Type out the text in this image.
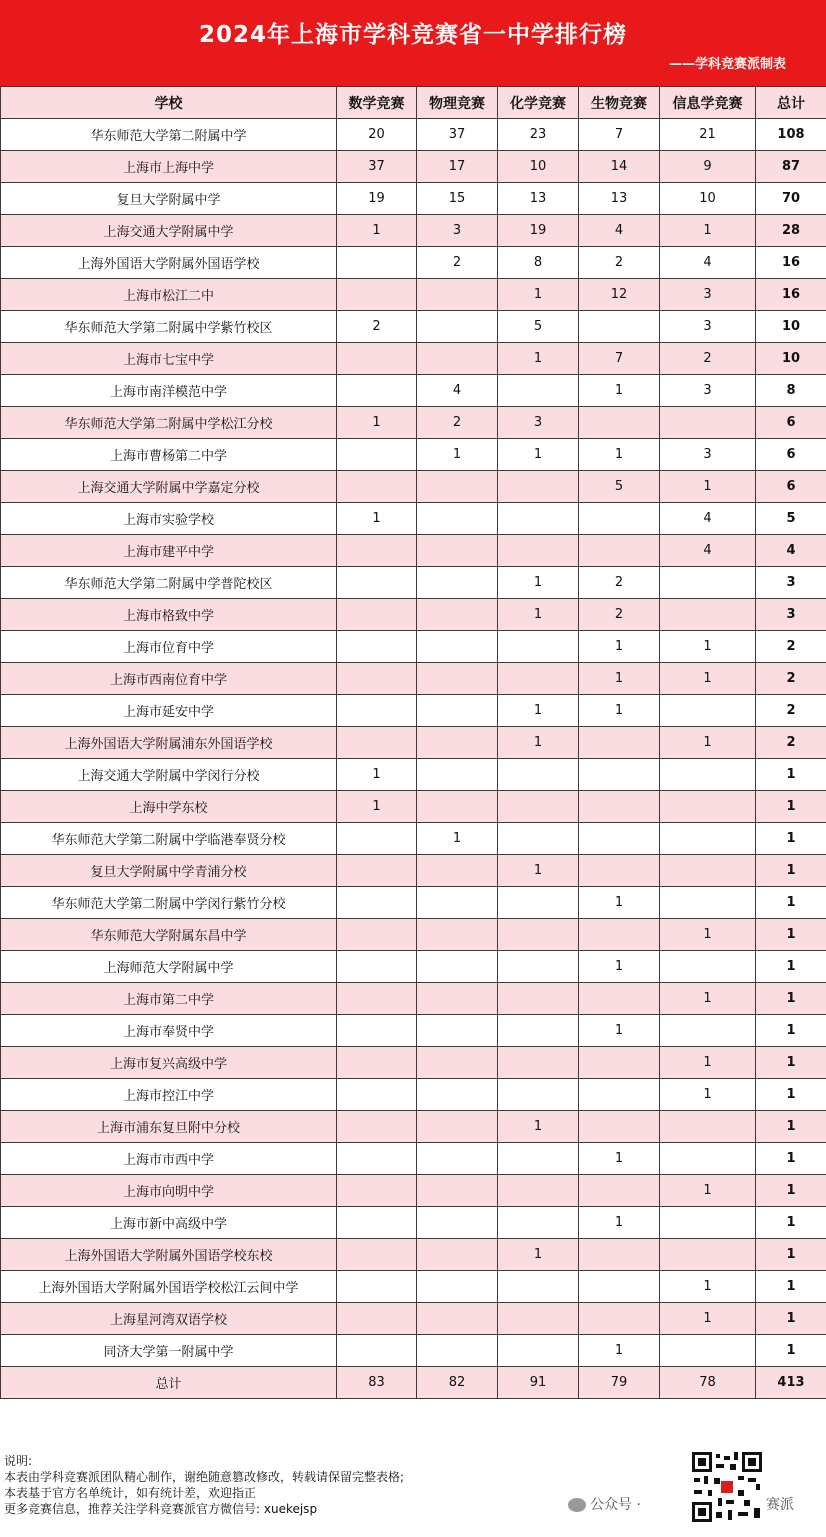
2024年上海市学科竞赛省一中学排行榜
——学科竞赛派制表
学校	数学竞赛	物理竞赛	化学竞赛	生物竞赛	信息学竞赛	总计
华东师范大学第二附属中学	20	37	23	7	21	108
上海市上海中学	37	17	10	14	9	87
复旦大学附属中学	19	15	13	13	10	70
上海交通大学附属中学	1	3	19	4	1	28
上海外国语大学附属外国语学校		2	8	2	4	16
上海市松江二中			1	12	3	16
华东师范大学第二附属中学紫竹校区	2		5		3	10
上海市七宝中学			1	7	2	10
上海市南洋模范中学		4		1	3	8
华东师范大学第二附属中学松江分校	1	2	3			6
上海市曹杨第二中学		1	1	1	3	6
上海交通大学附属中学嘉定分校				5	1	6
上海市实验学校	1				4	5
上海市建平中学					4	4
华东师范大学第二附属中学普陀校区			1	2		3
上海市格致中学			1	2		3
上海市位育中学				1	1	2
上海市西南位育中学				1	1	2
上海市延安中学			1	1		2
上海外国语大学附属浦东外国语学校			1		1	2
上海交通大学附属中学闵行分校	1					1
上海中学东校	1					1
华东师范大学第二附属中学临港奉贤分校		1				1
复旦大学附属中学青浦分校			1			1
华东师范大学第二附属中学闵行紫竹分校				1		1
华东师范大学附属东昌中学					1	1
上海师范大学附属中学				1		1
上海市第二中学					1	1
上海市奉贤中学				1		1
上海市复兴高级中学					1	1
上海市控江中学					1	1
上海市浦东复旦附中分校			1			1
上海市市西中学				1		1
上海市向明中学					1	1
上海市新中高级中学				1		1
上海外国语大学附属外国语学校东校			1			1
上海外国语大学附属外国语学校松江云间中学					1	1
上海星河湾双语学校					1	1
同济大学第一附属中学				1		1
总计	83	82	91	79	78	413
说明:
本表由学科竞赛派团队精心制作，谢绝随意篡改修改，转载请保留完整表格;
本表基于官方名单统计，如有统计差，欢迎指正
更多竞赛信息，推荐关注学科竞赛派官方微信号: xuekejsp	公众号 ·	赛派
